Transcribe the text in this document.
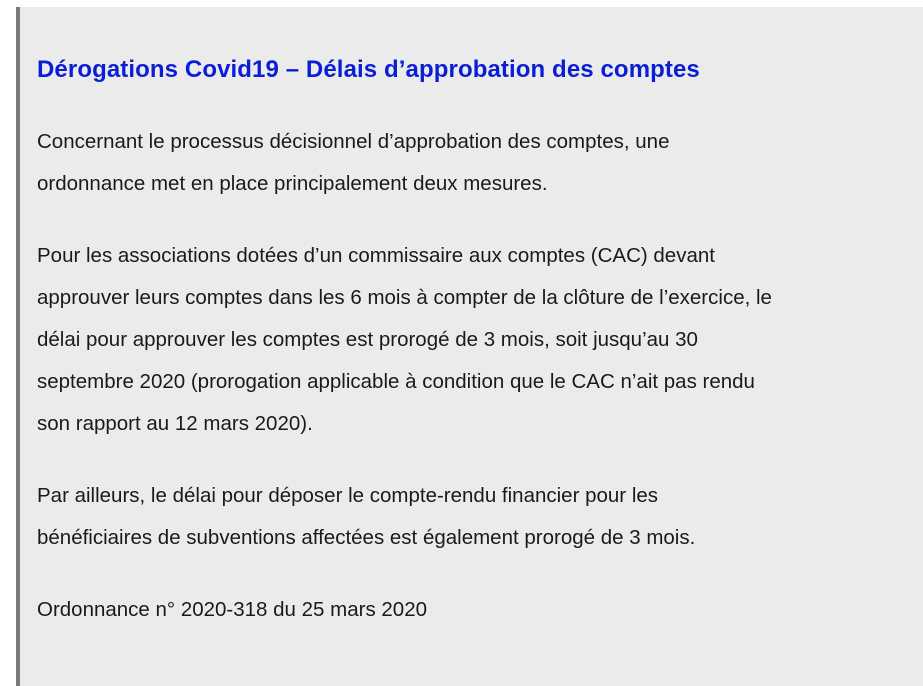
Dérogations Covid19 – Délais d’approbation des comptes

Concernant le processus décisionnel d’approbation des comptes, une
ordonnance met en place principalement deux mesures.

Pour les associations dotées d’un commissaire aux comptes (CAC) devant
approuver leurs comptes dans les 6 mois à compter de la clôture de l’exercice, le
délai pour approuver les comptes est prorogé de 3 mois, soit jusqu’au 30
septembre 2020 (prorogation applicable à condition que le CAC n’ait pas rendu
son rapport au 12 mars 2020).

Par ailleurs, le délai pour déposer le compte-rendu financier pour les
bénéficiaires de subventions affectées est également prorogé de 3 mois.

Ordonnance n° 2020-318 du 25 mars 2020
